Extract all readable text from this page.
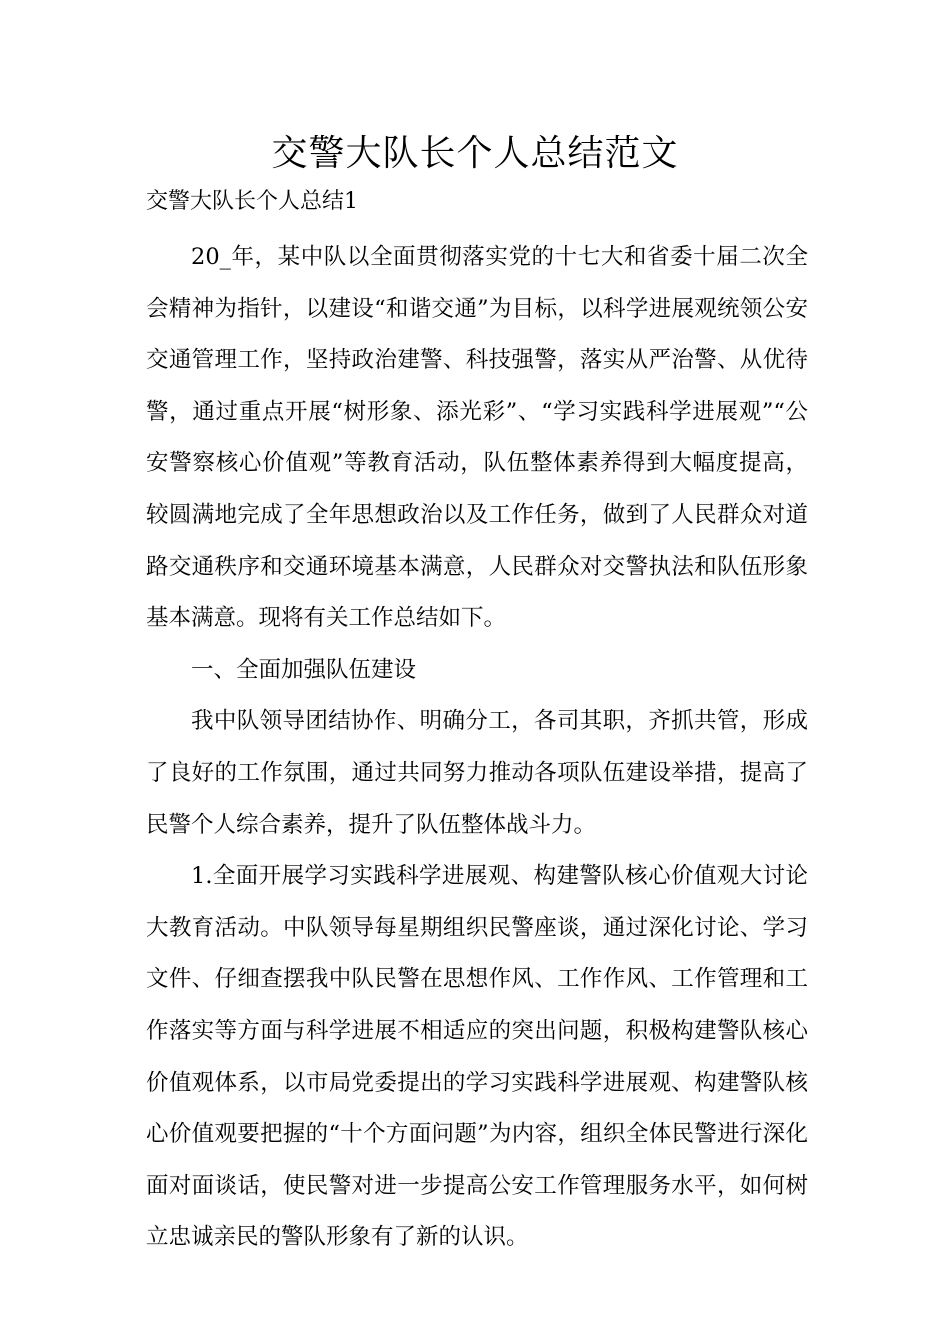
交警大队长个人总结范文

交警大队长个人总结1

20_年，某中队以全面贯彻落实党的十七大和省委十届二次全会精神为指针，以建设“和谐交通”为目标，以科学进展观统领公安交通管理工作，坚持政治建警、科技强警，落实从严治警、从优待警，通过重点开展“树形象、添光彩”、“学习实践科学进展观”“公安警察核心价值观”等教育活动，队伍整体素养得到大幅度提高，较圆满地完成了全年思想政治以及工作任务，做到了人民群众对道路交通秩序和交通环境基本满意，人民群众对交警执法和队伍形象基本满意。现将有关工作总结如下。

一、全面加强队伍建设

我中队领导团结协作、明确分工，各司其职，齐抓共管，形成了良好的工作氛围，通过共同努力推动各项队伍建设举措，提高了民警个人综合素养，提升了队伍整体战斗力。

1.全面开展学习实践科学进展观、构建警队核心价值观大讨论大教育活动。中队领导每星期组织民警座谈，通过深化讨论、学习文件、仔细查摆我中队民警在思想作风、工作作风、工作管理和工作落实等方面与科学进展不相适应的突出问题，积极构建警队核心价值观体系，以市局党委提出的学习实践科学进展观、构建警队核心价值观要把握的“十个方面问题”为内容，组织全体民警进行深化面对面谈话，使民警对进一步提高公安工作管理服务水平，如何树立忠诚亲民的警队形象有了新的认识。
